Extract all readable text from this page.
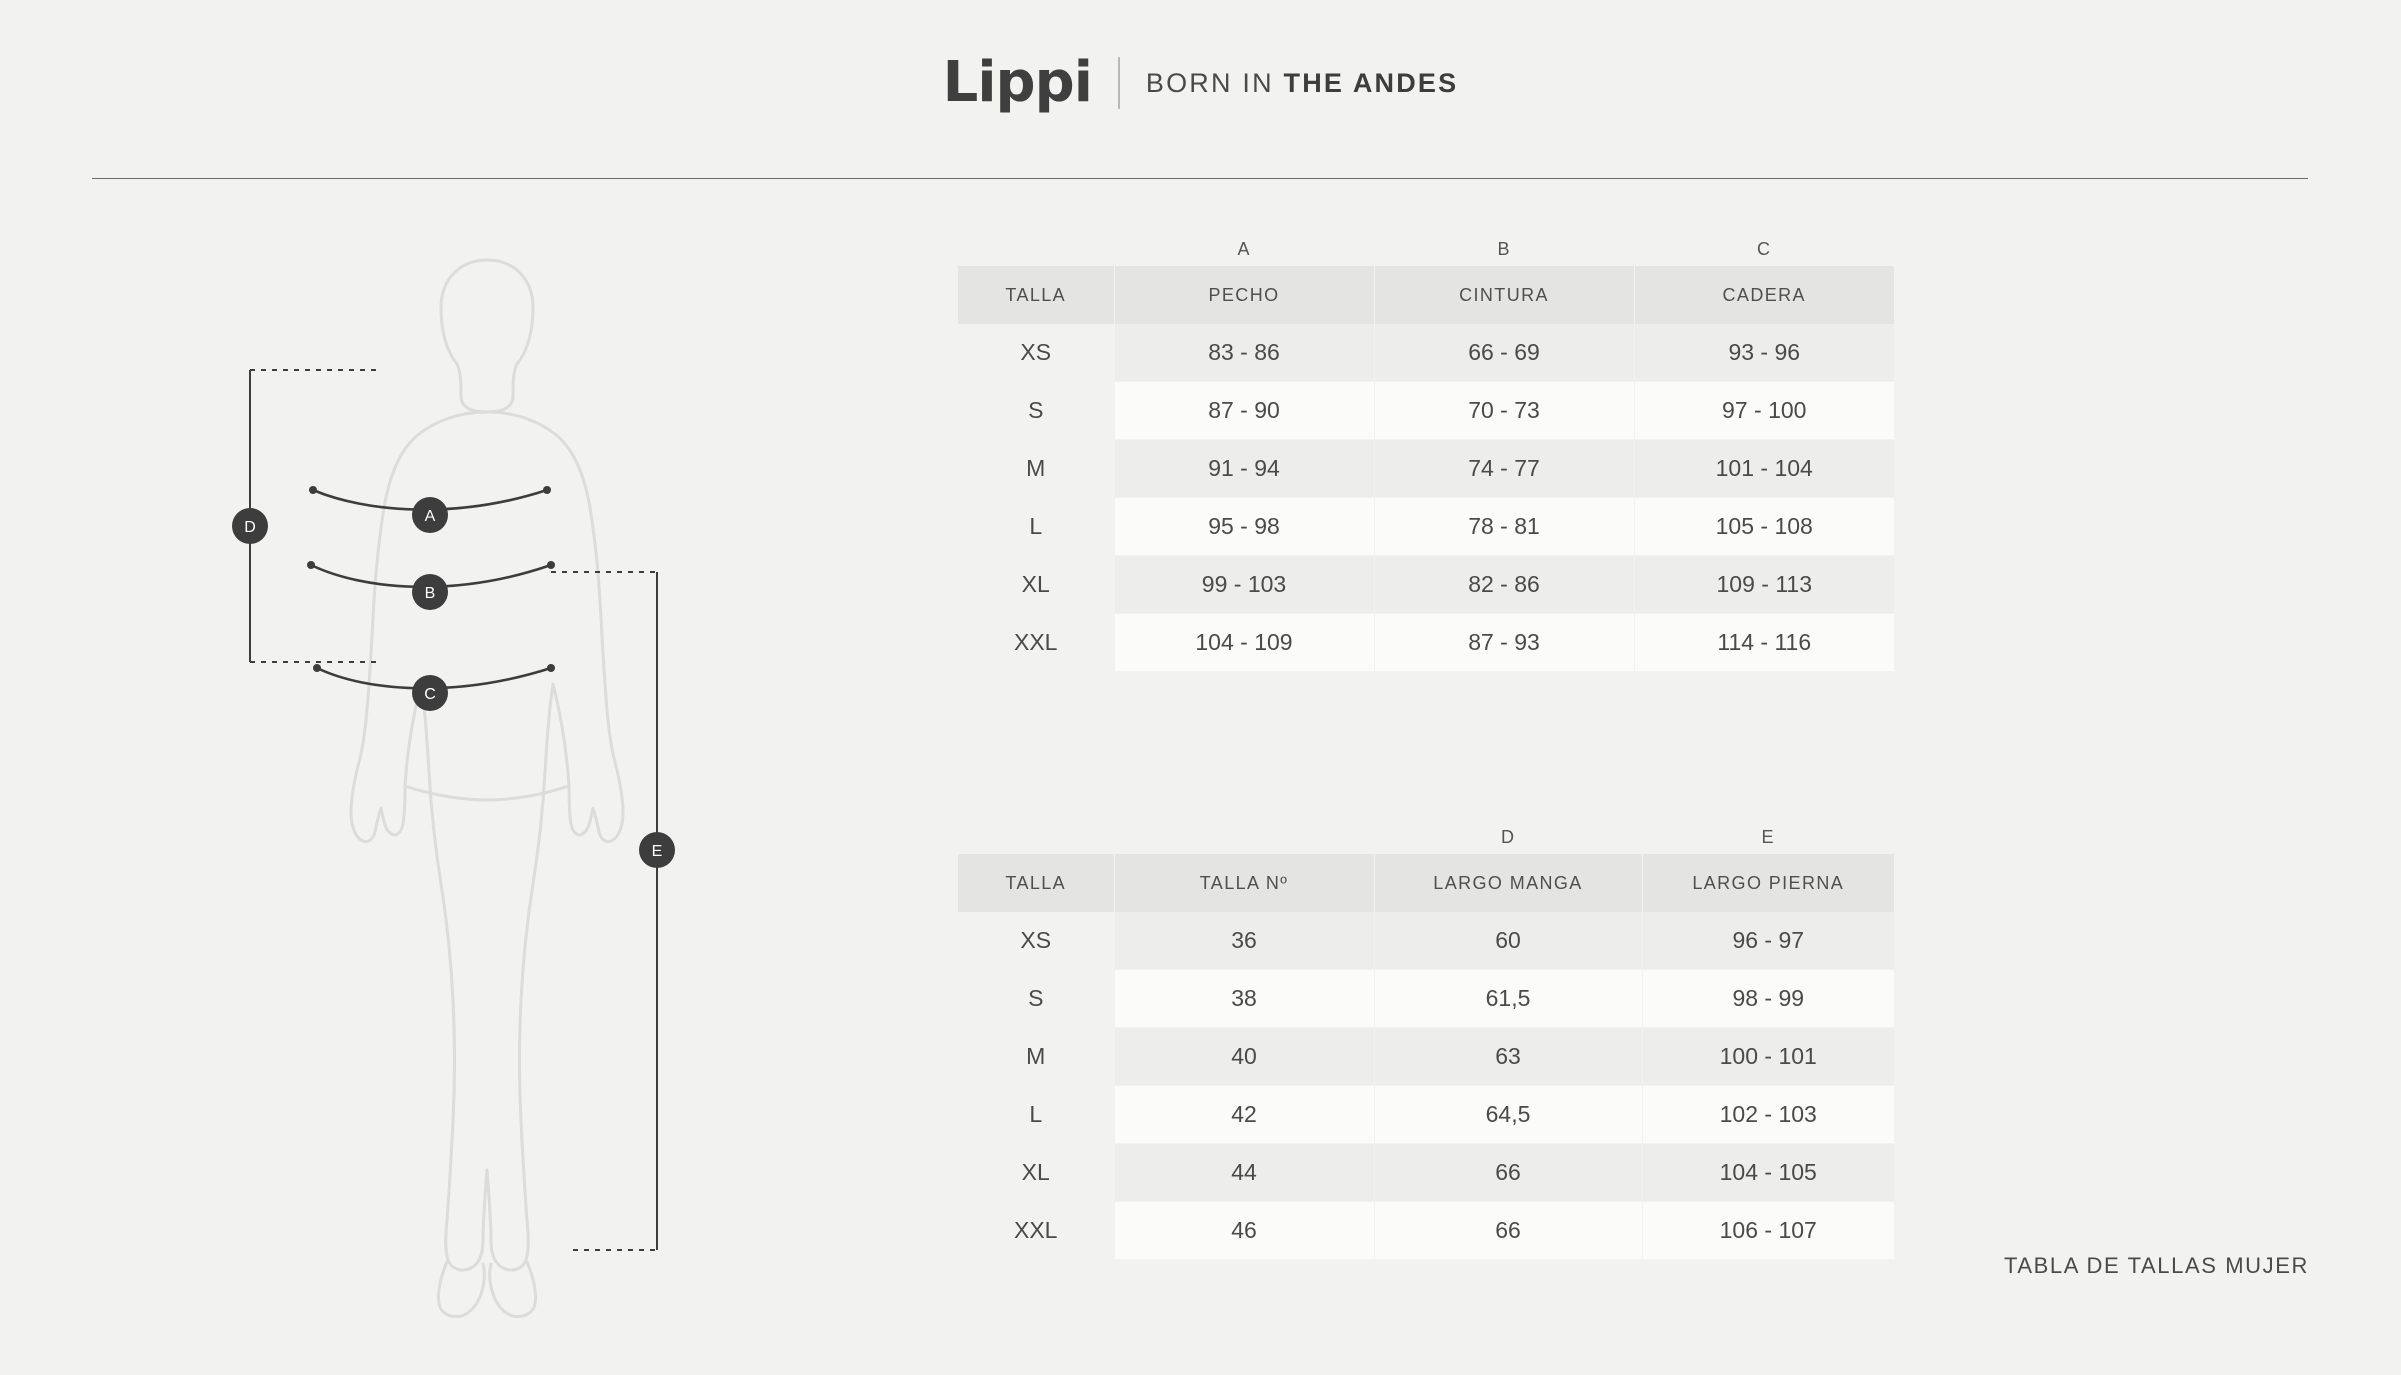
Lippi BORN IN THE ANDES
A
B
C
D
E
A	B	C
TALLA	PECHO	CINTURA	CADERA
XS	83 - 86	66 - 69	93 - 96
S	87 - 90	70 - 73	97 - 100
M	91 - 94	74 - 77	101 - 104
L	95 - 98	78 - 81	105 - 108
XL	99 - 103	82 - 86	109 - 113
XXL	104 - 109	87 - 93	114 - 116
D	E
TALLA	TALLA Nº	LARGO MANGA	LARGO PIERNA
XS	36	60	96 - 97
S	38	61,5	98 - 99
M	40	63	100 - 101
L	42	64,5	102 - 103
XL	44	66	104 - 105
XXL	46	66	106 - 107
TABLA DE TALLAS MUJER
